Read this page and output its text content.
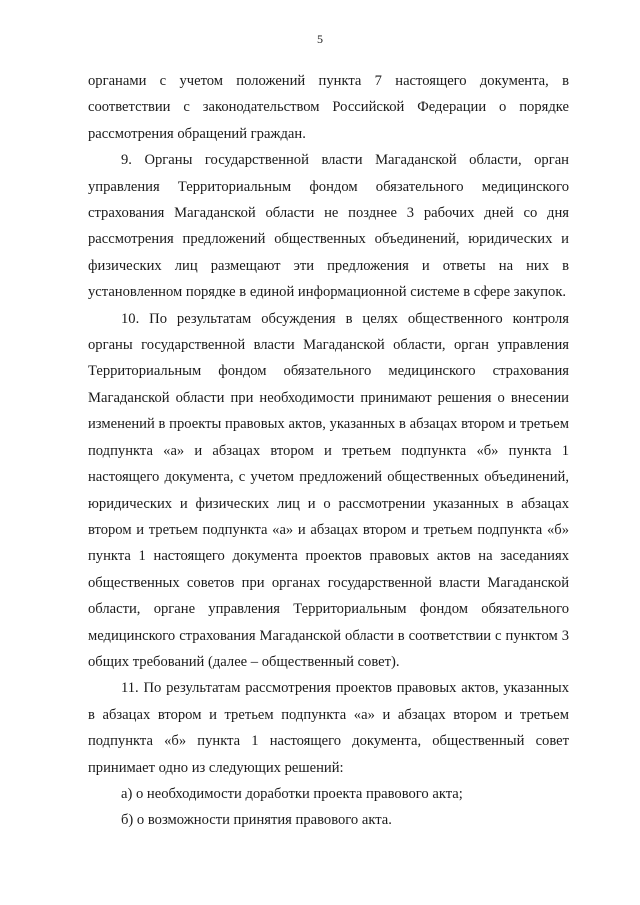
5

органами с учетом положений пункта 7 настоящего документа, в соответствии с законодательством Российской Федерации о порядке рассмотрения обращений граждан.

9. Органы государственной власти Магаданской области, орган управления Территориальным фондом обязательного медицинского страхования Магаданской области не позднее 3 рабочих дней со дня рассмотрения предложений общественных объединений, юридических и физических лиц размещают эти предложения и ответы на них в установленном порядке в единой информационной системе в сфере закупок.

10. По результатам обсуждения в целях общественного контроля органы государственной власти Магаданской области, орган управления Территориальным фондом обязательного медицинского страхования Магаданской области при необходимости принимают решения о внесении изменений в проекты правовых актов, указанных в абзацах втором и третьем подпункта «а» и абзацах втором и третьем подпункта «б» пункта 1 настоящего документа, с учетом предложений общественных объединений, юридических и физических лиц и о рассмотрении указанных в абзацах втором и третьем подпункта «а» и абзацах втором и третьем подпункта «б» пункта 1 настоящего документа проектов правовых актов на заседаниях общественных советов при органах государственной власти Магаданской области, органе управления Территориальным фондом обязательного медицинского страхования Магаданской области в соответствии с пунктом 3 общих требований (далее – общественный совет).

11. По результатам рассмотрения проектов правовых актов, указанных в абзацах втором и третьем подпункта «а» и абзацах втором и третьем подпункта «б» пункта 1 настоящего документа, общественный совет принимает одно из следующих решений:

а) о необходимости доработки проекта правового акта;

б) о возможности принятия правового акта.
